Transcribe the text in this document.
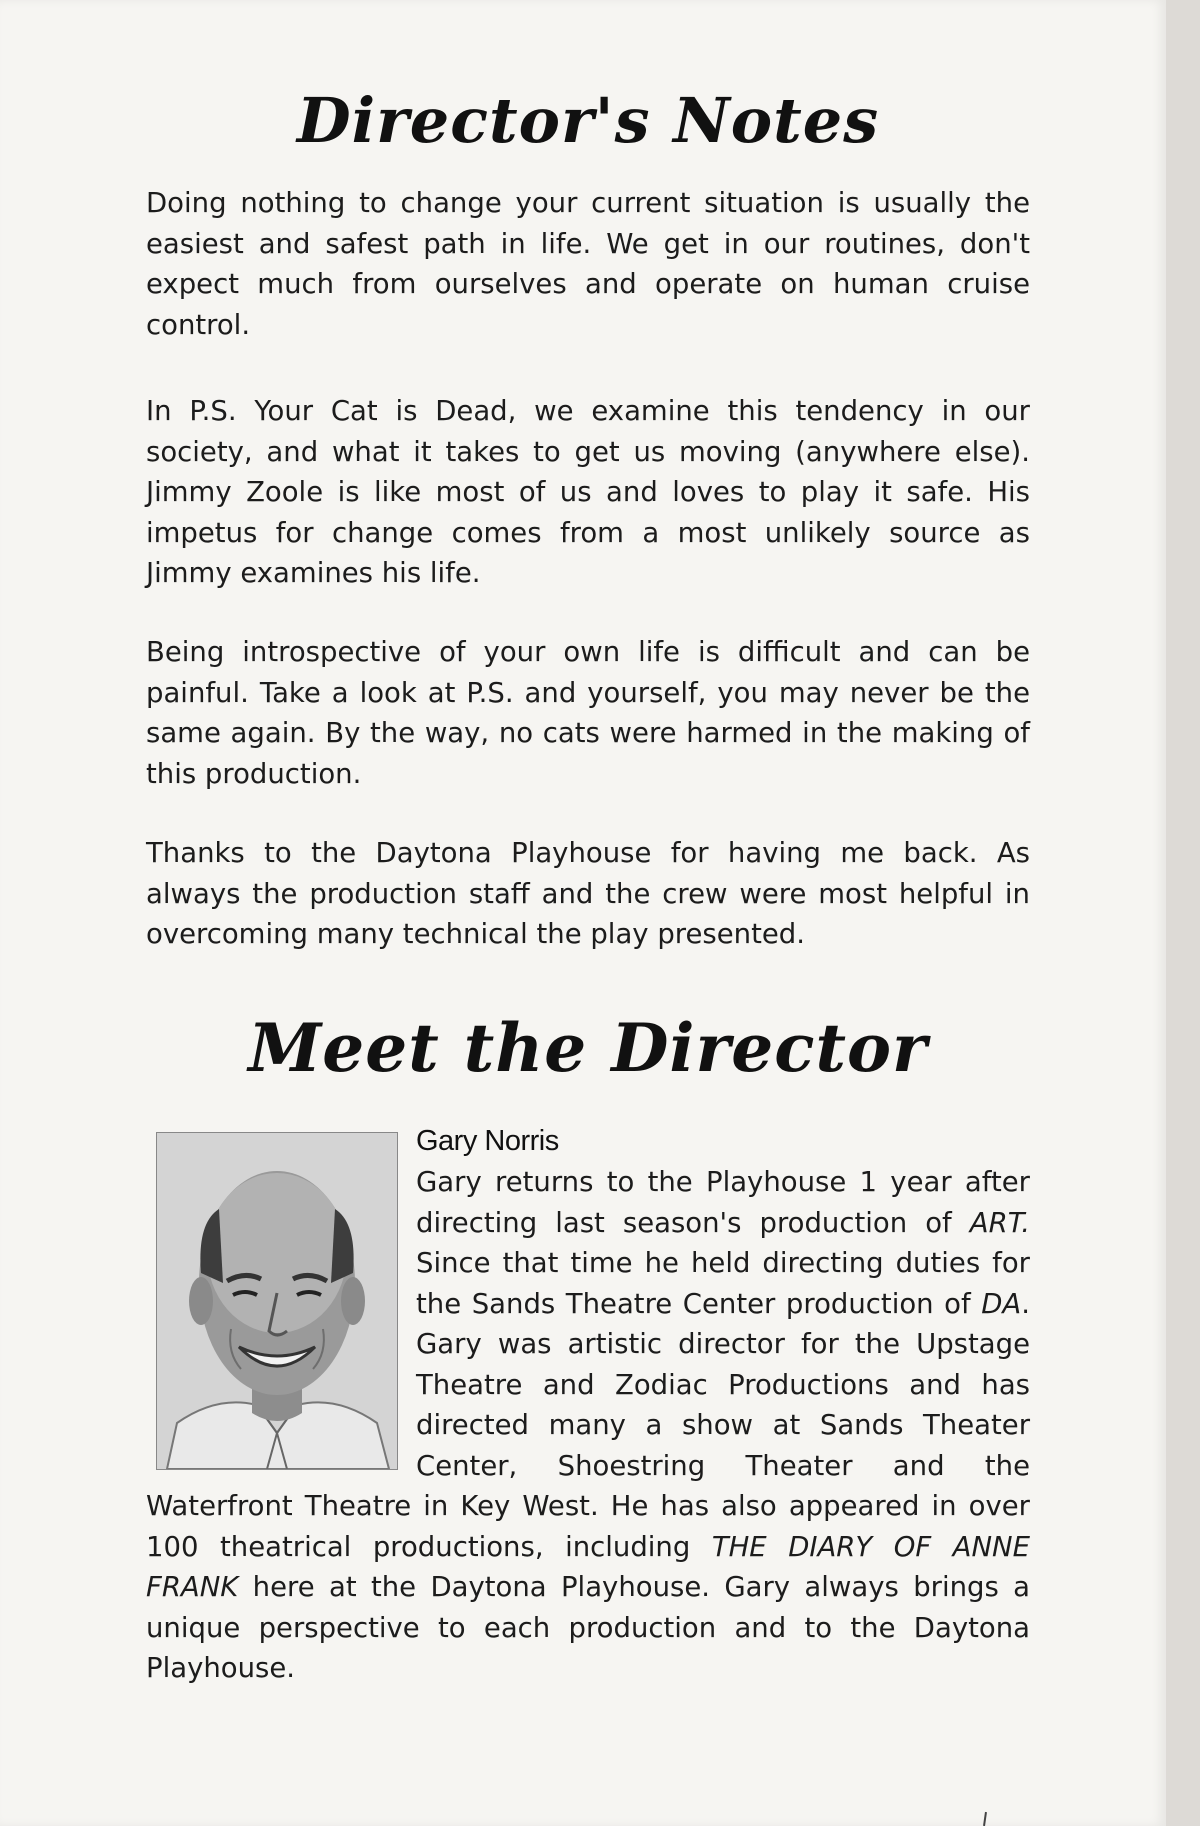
Director's Notes

Doing nothing to change your current situation is usually the easiest and safest path in life. We get in our routines, don't expect much from ourselves and operate on human cruise control.

In P.S. Your Cat is Dead, we examine this tendency in our society, and what it takes to get us moving (anywhere else). Jimmy Zoole is like most of us and loves to play it safe. His impetus for change comes from a most unlikely source as Jimmy examines his life.

Being introspective of your own life is difficult and can be painful. Take a look at P.S. and yourself, you may never be the same again. By the way, no cats were harmed in the making of this production.

Thanks to the Daytona Playhouse for having me back. As always the production staff and the crew were most helpful in overcoming many technical the play presented.

Meet the Director
Gary Norris

Gary returns to the Playhouse 1 year after directing last season's production of ART. Since that time he held directing duties for the Sands Theatre Center production of DA. Gary was artistic director for the Upstage Theatre and Zodiac Productions and has directed many a show at Sands Theater Center, Shoestring Theater and the Waterfront Theatre in Key West. He has also appeared in over 100 theatrical productions, including THE DIARY OF ANNE FRANK here at the Daytona Playhouse. Gary always brings a unique perspective to each production and to the Daytona Playhouse.
